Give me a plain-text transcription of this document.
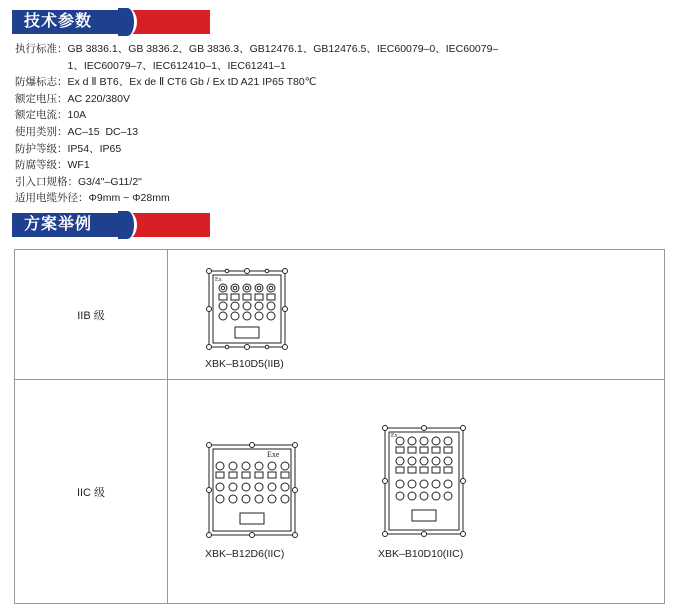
技术参数
执行标准： GB 3836.1、GB 3836.2、GB 3836.3、GB12476.1、GB12476.5、IEC60079–0、IEC60079–1、IEC60079–7、IEC612410–1、IEC61241–1
防爆标志： Ex d Ⅱ BT6、Ex de Ⅱ CT6 Gb / Ex tD A21 IP65 T80℃
额定电压： AC 220/380V
额定电流： 10A
使用类别： AC–15  DC–13
防护等级： IP54、IP65
防腐等级： WF1
引入口规格： G3/4"–G11/2"
适用电缆外径： Φ9mm ~ Φ28mm
方案举例
IIB 级	Ex
XBK–B10D5(IIB)

IIC 级	Exe
XBK–B12D6(IIC)
Ex
XBK–B10D10(IIC)
